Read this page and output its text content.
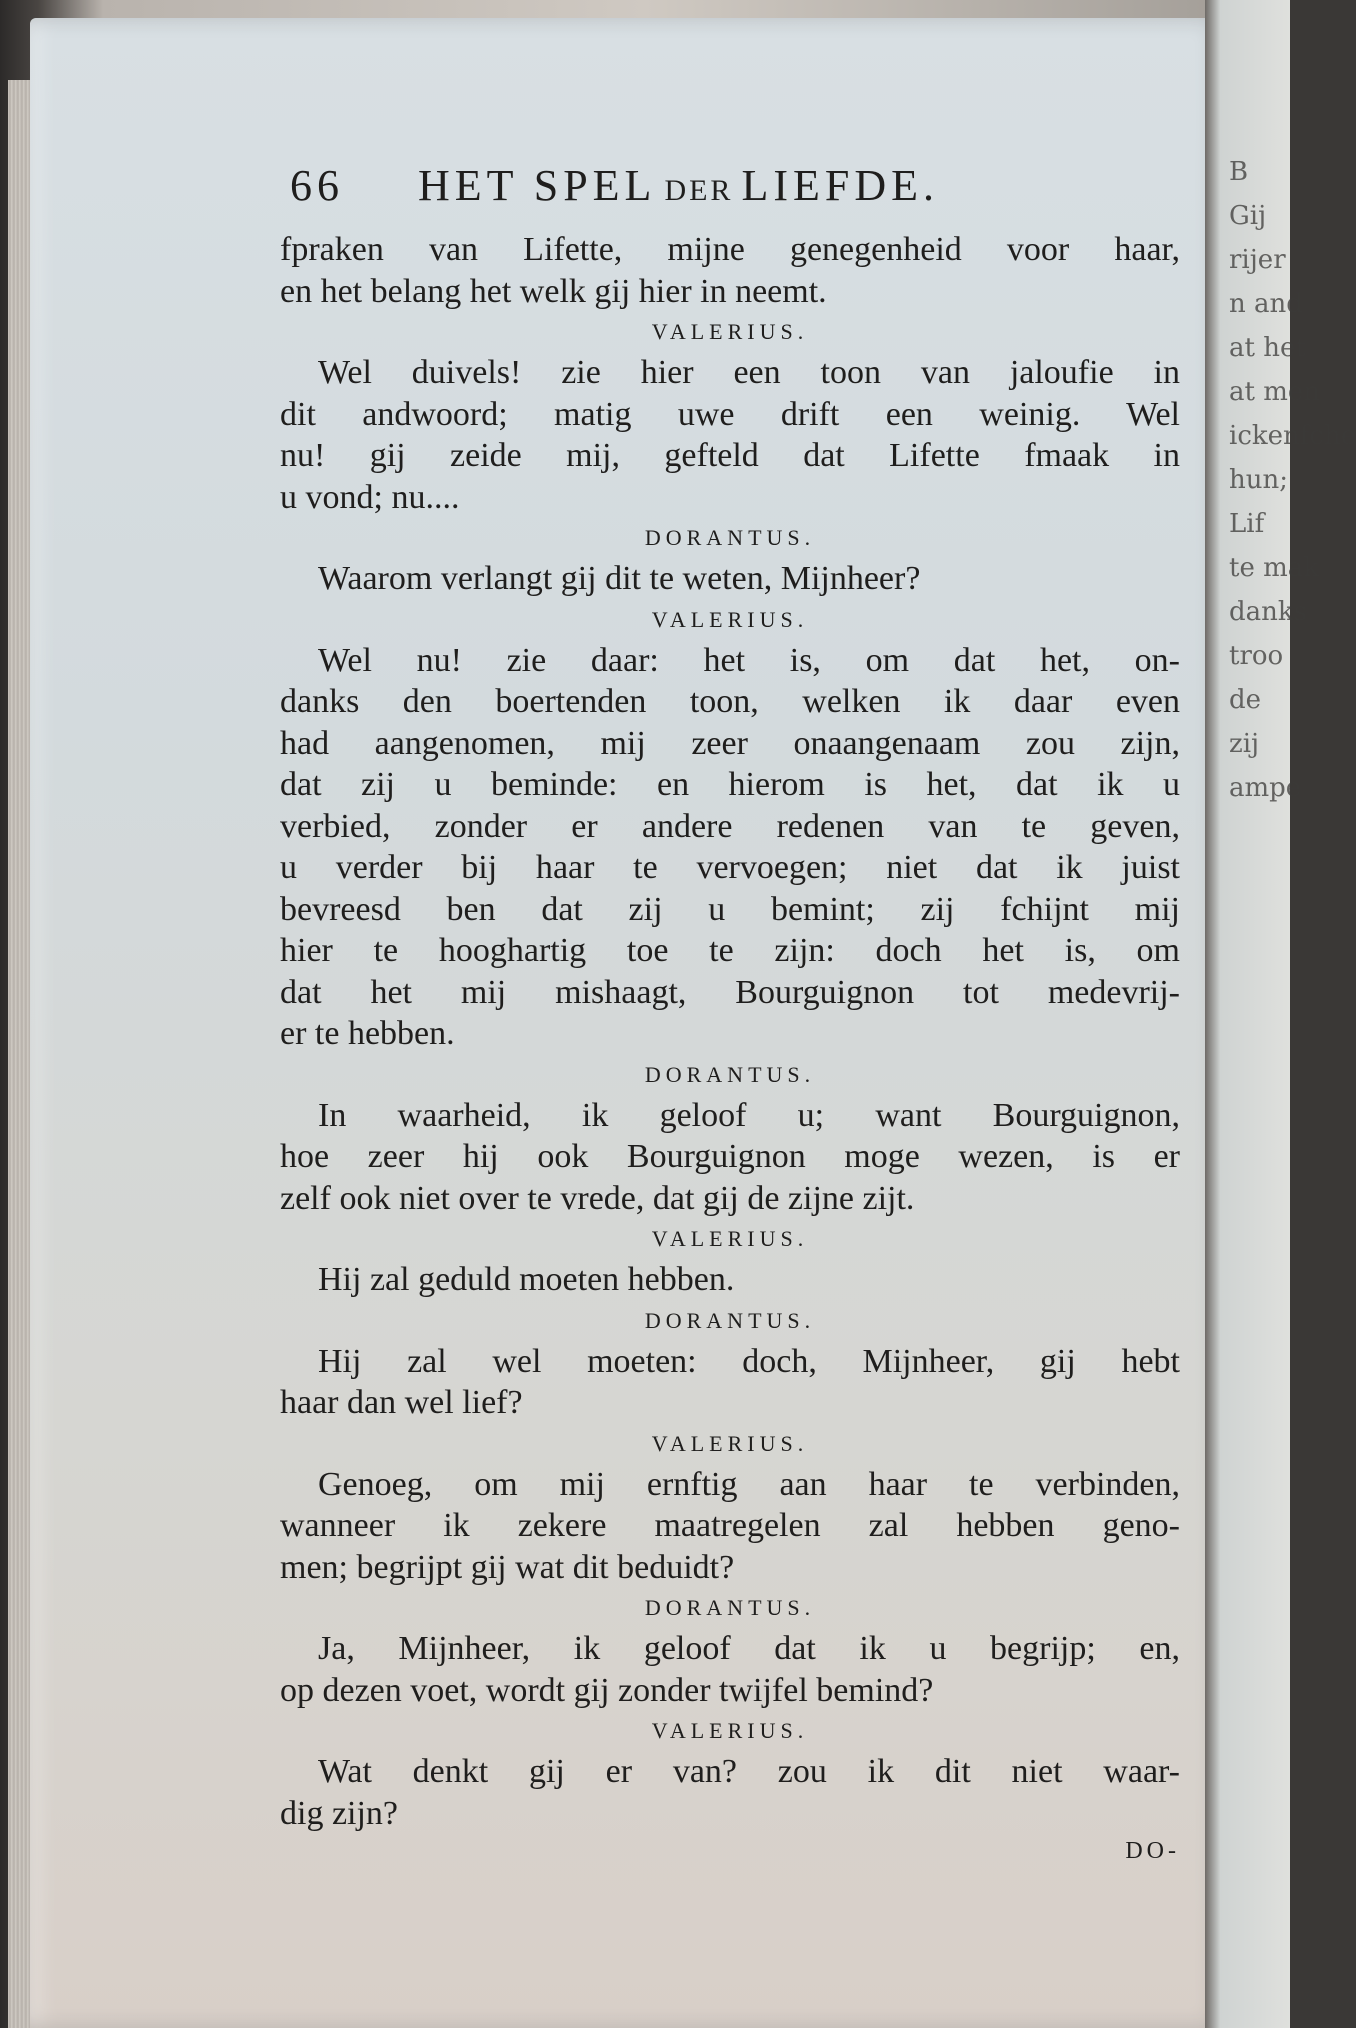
B
Gij
rijer
n and
at het
at men
ickenfche
hun;
Lif
te mak
danks
troo
de
zij
ampe
66 HET SPEL DER LIEFDE.

fpraken van Lifette, mijne genegenheid voor haar,
en het belang het welk gij hier in neemt.

VALERIUS.

Wel duivels! zie hier een toon van jaloufie in
dit andwoord; matig uwe drift een weinig. Wel
nu! gij zeide mij, gefteld dat Lifette fmaak in
u vond; nu....

DORANTUS.

Waarom verlangt gij dit te weten, Mijnheer?

VALERIUS.

Wel nu! zie daar: het is, om dat het, on-
danks den boertenden toon, welken ik daar even
had aangenomen, mij zeer onaangenaam zou zijn,
dat zij u beminde: en hierom is het, dat ik u
verbied, zonder er andere redenen van te geven,
u verder bij haar te vervoegen; niet dat ik juist
bevreesd ben dat zij u bemint; zij fchijnt mij
hier te hooghartig toe te zijn: doch het is, om
dat het mij mishaagt, Bourguignon tot medevrij-
er te hebben.

DORANTUS.

In waarheid, ik geloof u; want Bourguignon,
hoe zeer hij ook Bourguignon moge wezen, is er
zelf ook niet over te vrede, dat gij de zijne zijt.

VALERIUS.

Hij zal geduld moeten hebben.

DORANTUS.

Hij zal wel moeten: doch, Mijnheer, gij hebt
haar dan wel lief?

VALERIUS.

Genoeg, om mij ernftig aan haar te verbinden,
wanneer ik zekere maatregelen zal hebben geno-
men; begrijpt gij wat dit beduidt?

DORANTUS.

Ja, Mijnheer, ik geloof dat ik u begrijp; en,
op dezen voet, wordt gij zonder twijfel bemind?

VALERIUS.

Wat denkt gij er van? zou ik dit niet waar-
dig zijn?

DO-
